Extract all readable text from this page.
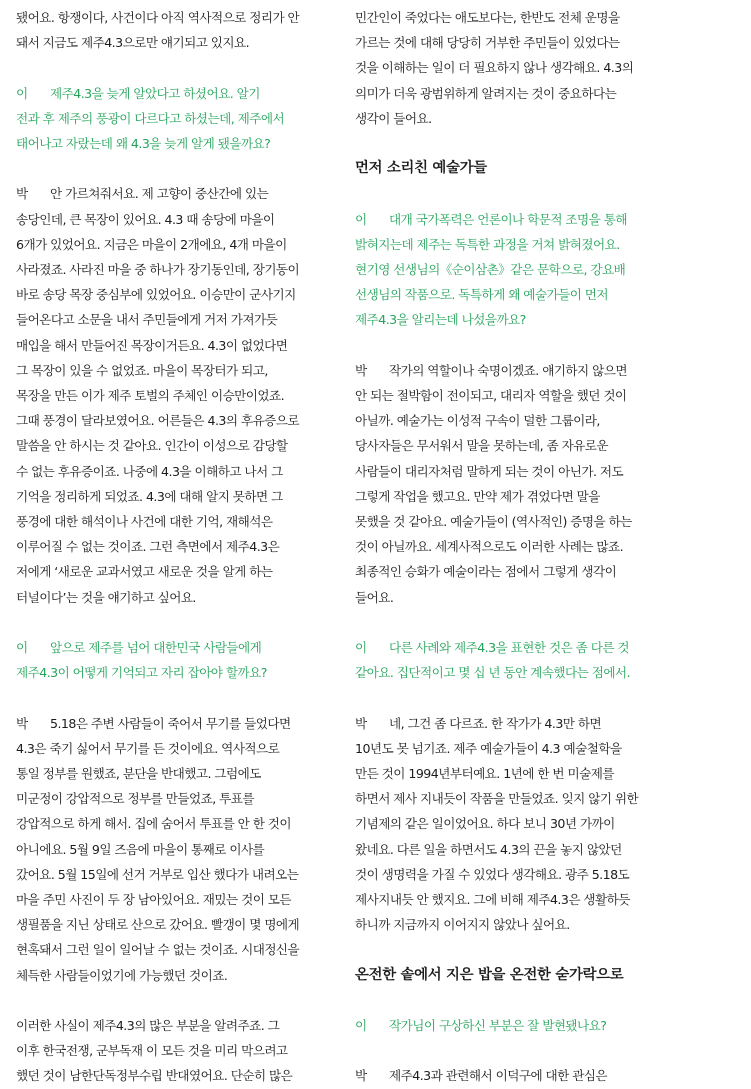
됐어요. 항쟁이다, 사건이다 아직 역사적으로 정리가 안
돼서 지금도 제주4.3으로만 얘기되고 있지요.
이 제주4.3을 늦게 알았다고 하셨어요. 알기
전과 후 제주의 풍광이 다르다고 하셨는데, 제주에서
태어나고 자랐는데 왜 4.3을 늦게 알게 됐을까요?
박 안 가르쳐줘서요. 제 고향이 중산간에 있는
송당인데, 큰 목장이 있어요. 4.3 때 송당에 마을이
6개가 있었어요. 지금은 마을이 2개에요, 4개 마을이
사라졌죠. 사라진 마을 중 하나가 장기동인데, 장기동이
바로 송당 목장 중심부에 있었어요. 이승만이 군사기지
들어온다고 소문을 내서 주민들에게 거저 가져가듯
매입을 해서 만들어진 목장이거든요. 4.3이 없었다면
그 목장이 있을 수 없었죠. 마을이 목장터가 되고,
목장을 만든 이가 제주 토벌의 주체인 이승만이었죠.
그때 풍경이 달라보였어요. 어른들은 4.3의 후유증으로
말씀을 안 하시는 것 같아요. 인간이 이성으로 감당할
수 없는 후유증이죠. 나중에 4.3을 이해하고 나서 그
기억을 정리하게 되었죠. 4.3에 대해 알지 못하면 그
풍경에 대한 해석이나 사건에 대한 기억, 재해석은
이루어질 수 없는 것이죠. 그런 측면에서 제주4.3은
저에게 ‘새로운 교과서였고 새로운 것을 알게 하는
터널이다’는 것을 얘기하고 싶어요.
이 앞으로 제주를 넘어 대한민국 사람들에게
제주4.3이 어떻게 기억되고 자리 잡아야 할까요?
박 5.18은 주변 사람들이 죽어서 무기를 들었다면
4.3은 죽기 싫어서 무기를 든 것이에요. 역사적으로
통일 정부를 원했죠, 분단을 반대했고. 그럼에도
미군정이 강압적으로 정부를 만들었죠, 투표를
강압적으로 하게 해서. 집에 숨어서 투표를 안 한 것이
아니에요. 5월 9일 즈음에 마을이 통째로 이사를
갔어요. 5월 15일에 선거 거부로 입산 했다가 내려오는
마을 주민 사진이 두 장 남아있어요. 재밌는 것이 모든
생필품을 지닌 상태로 산으로 갔어요. 빨갱이 몇 명에게
현혹돼서 그런 일이 일어날 수 없는 것이죠. 시대정신을
체득한 사람들이었기에 가능했던 것이죠.
이러한 사실이 제주4.3의 많은 부분을 알려주죠. 그
이후 한국전쟁, 군부독재 이 모든 것을 미리 막으려고
했던 것이 남한단독정부수립 반대였어요. 단순히 많은
민간인이 죽었다는 애도보다는, 한반도 전체 운명을
가르는 것에 대해 당당히 거부한 주민들이 있었다는
것을 이해하는 일이 더 필요하지 않나 생각해요. 4.3의
의미가 더욱 광범위하게 알려지는 것이 중요하다는
생각이 들어요.
먼저 소리친 예술가들
이 대개 국가폭력은 언론이나 학문적 조명을 통해
밝혀지는데 제주는 독특한 과정을 거쳐 밝혀졌어요.
현기영 선생님의《순이삼촌》같은 문학으로, 강요배
선생님의 작품으로. 독특하게 왜 예술가들이 먼저
제주4.3을 알리는데 나섰을까요?
박 작가의 역할이나 숙명이겠죠. 얘기하지 않으면
안 되는 절박함이 전이되고, 대리자 역할을 했던 것이
아닐까. 예술가는 이성적 구속이 덜한 그룹이라,
당사자들은 무서워서 말을 못하는데, 좀 자유로운
사람들이 대리자처럼 말하게 되는 것이 아닌가. 저도
그렇게 작업을 했고요. 만약 제가 겪었다면 말을
못했을 것 같아요. 예술가들이 (역사적인) 증명을 하는
것이 아닐까요. 세계사적으로도 이러한 사례는 많죠.
최종적인 승화가 예술이라는 점에서 그렇게 생각이
들어요.
이 다른 사례와 제주4.3을 표현한 것은 좀 다른 것
같아요. 집단적이고 몇 십 년 동안 계속했다는 점에서.
박 네, 그건 좀 다르죠. 한 작가가 4.3만 하면
10년도 못 넘기죠. 제주 예술가들이 4.3 예술철학을
만든 것이 1994년부터예요. 1년에 한 번 미술제를
하면서 제사 지내듯이 작품을 만들었죠. 잊지 않기 위한
기념제의 같은 일이었어요. 하다 보니 30년 가까이
왔네요. 다른 일을 하면서도 4.3의 끈을 놓지 않았던
것이 생명력을 가질 수 있었다 생각해요. 광주 5.18도
제사지내듯 안 했지요. 그에 비해 제주4.3은 생활하듯
하니까 지금까지 이어지지 않았나 싶어요.
온전한 솥에서 지은 밥을 온전한 숟가락으로
이 작가님이 구상하신 부분은 잘 발현됐나요?
박 제주4.3과 관련해서 이덕구에 대한 관심은
